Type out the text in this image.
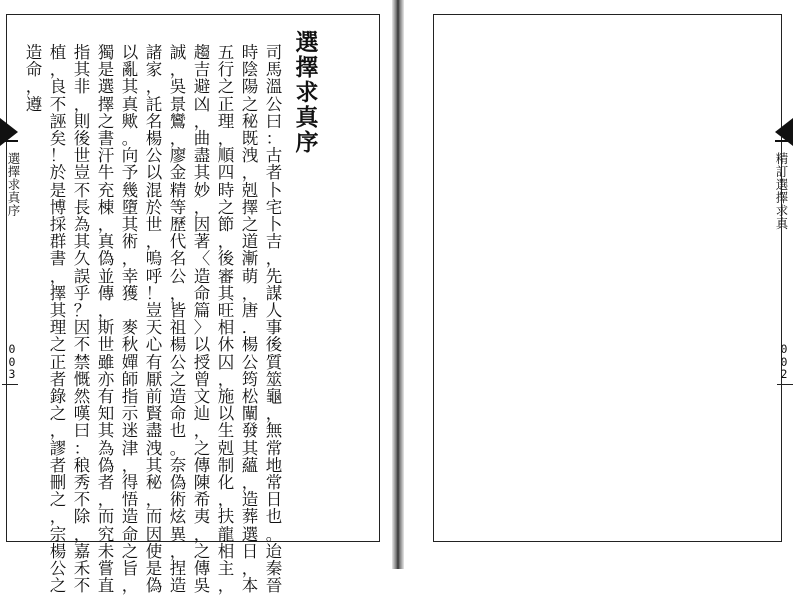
選
擇
求
真
序
司
馬
溫
公
曰
：
古
者
卜
宅
卜
吉
，
先
謀
人
事
後
質
筮
龜
，
無
常
地
常
日
也
。
迨
秦
晉
時
陰
陽
之
秘
既
洩
，
剋
擇
之
道
漸
萌
，
唐
．
楊
公
筠
松
闡
發
其
蘊
，
造
葬
選
日
，
本
五
行
之
正
理
，
順
四
時
之
節
，
後
審
其
旺
相
休
囚
，
施
以
生
剋
制
化
，
扶
龍
相
主
，
趨
吉
避
凶
，
曲
盡
其
妙
，
因
著
〈
造
命
篇
〉
以
授
曾
文
辿
，
之
傳
陳
希
夷
，
之
傳
吳
誠
，
吳
景
鸞
，
廖
金
精
等
歷
代
名
公
，
皆
祖
楊
公
之
造
命
也
。
奈
偽
術
炫
異
，
捏
造
諸
家
，
託
名
楊
公
以
混
於
世
，
嗚
呼
！
豈
天
心
有
厭
前
賢
盡
洩
其
秘
，
而
因
使
是
偽
以
亂
其
真
歟
。
向
予
幾
墮
其
術
，
幸
獲

麥
秋
嬋
師
指
示
迷
津
，
得
悟
造
命
之
旨
，
獨
是
選
擇
之
書
汗
牛
充
棟
，
真
偽
並
傳
，
斯
世
雖
亦
有
知
其
為
偽
者
，
而
究
未
嘗
直
指
其
非
，
則
後
世
豈
不
長
為
其
久
誤
乎
？
因
不
禁
慨
然
嘆
曰
：
稂
秀
不
除
，
嘉
禾
不
植
，
良
不
誣
矣
！
於
是
博
採
群
書
，
擇
其
理
之
正
者
錄
之
，
謬
者
刪
之
，
宗
楊
公
之
造
命
，
遵
選
擇
求
真
序
0
0
3
精
訂
選
擇
求
真
0
0
2
